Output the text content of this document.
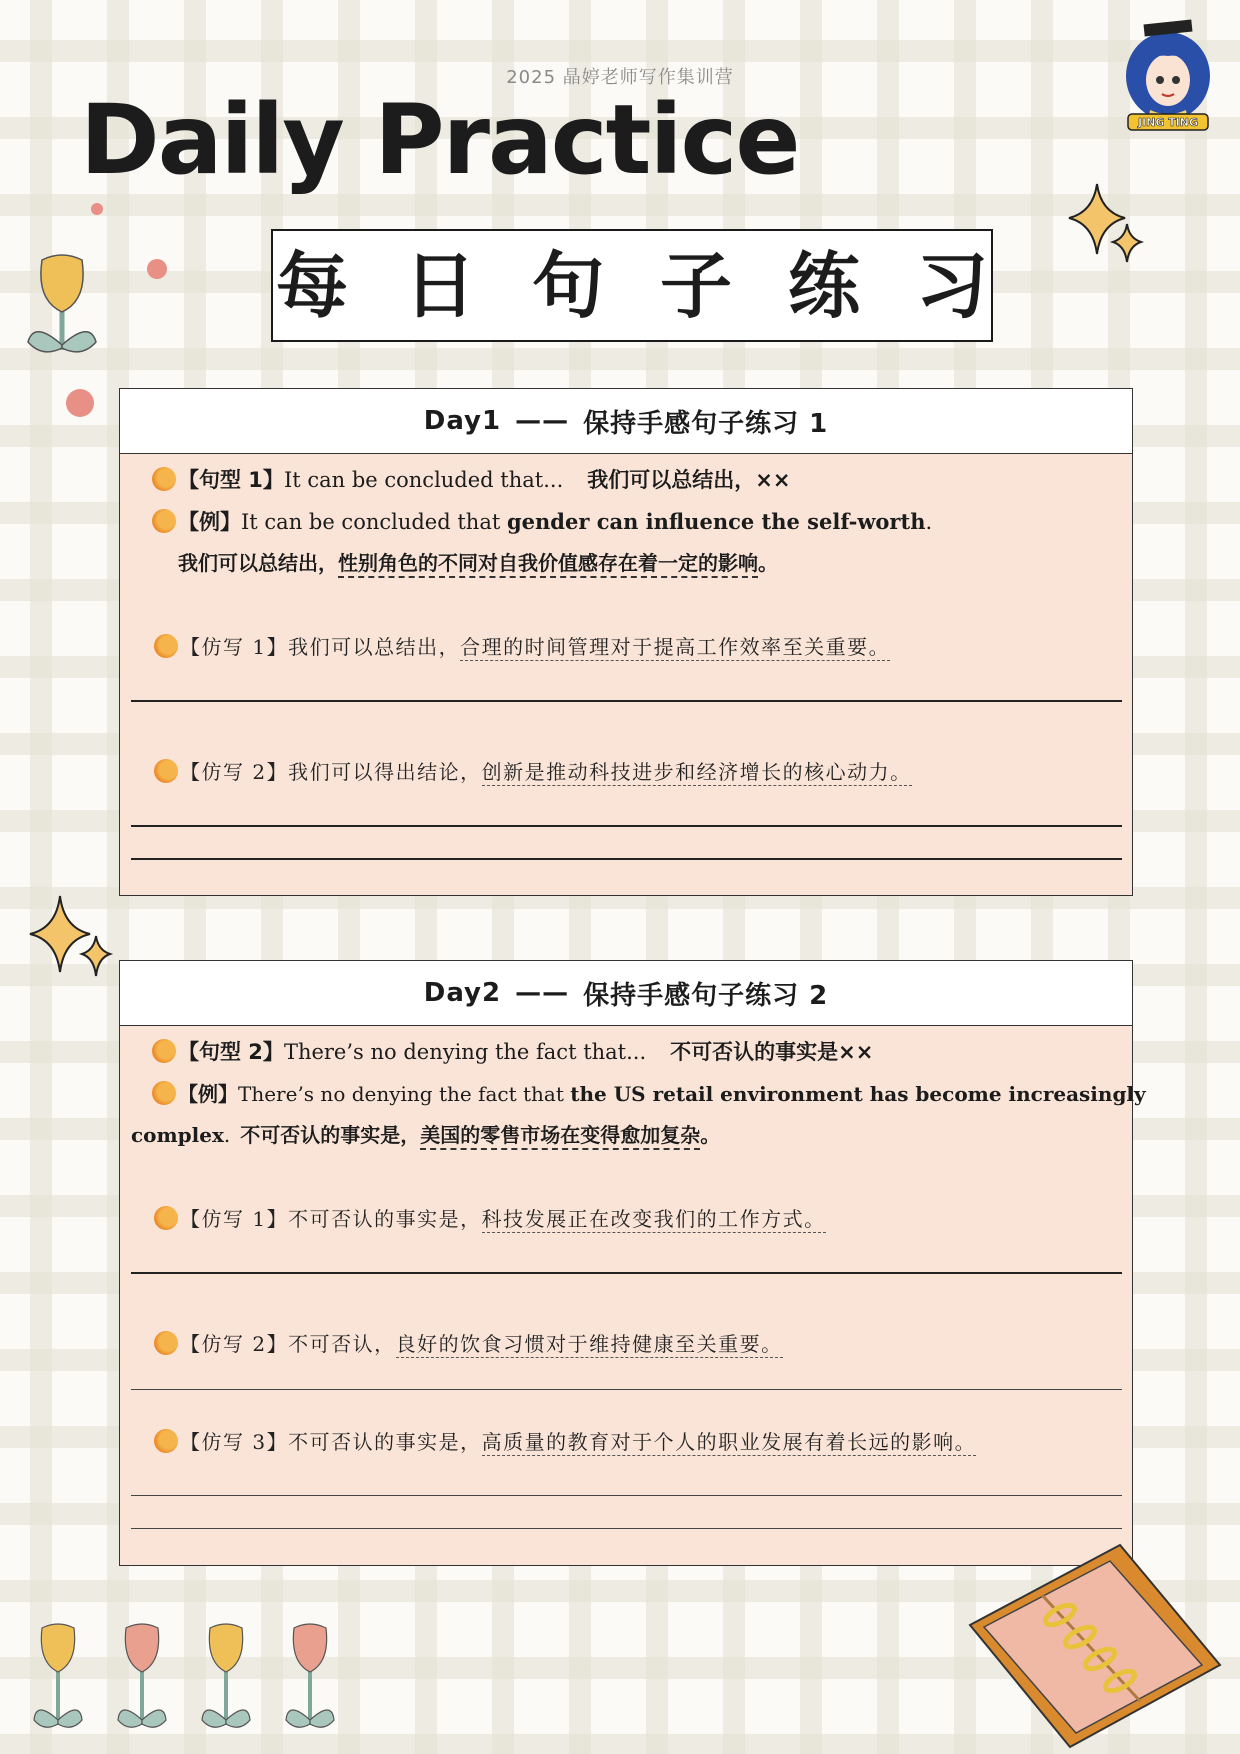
2025 晶婷老师写作集训营
Daily Practice
每日句子练习
JING TING
Day1 —— 保持手感句子练习 1
【句型 1】It can be concluded that... 我们可以总结出，××
【例】It can be concluded that gender can influence the self-worth.
我们可以总结出，性别角色的不同对自我价值感存在着一定的影响。
【仿写 1】我们可以总结出，合理的时间管理对于提高工作效率至关重要。
【仿写 2】我们可以得出结论，创新是推动科技进步和经济增长的核心动力。
Day2 —— 保持手感句子练习 2
【句型 2】There’s no denying the fact that... 不可否认的事实是××
【例】There’s no denying the fact that the US retail environment has become increasingly
complex. 不可否认的事实是，美国的零售市场在变得愈加复杂。
【仿写 1】不可否认的事实是，科技发展正在改变我们的工作方式。
【仿写 2】不可否认，良好的饮食习惯对于维持健康至关重要。
【仿写 3】不可否认的事实是，高质量的教育对于个人的职业发展有着长远的影响。
